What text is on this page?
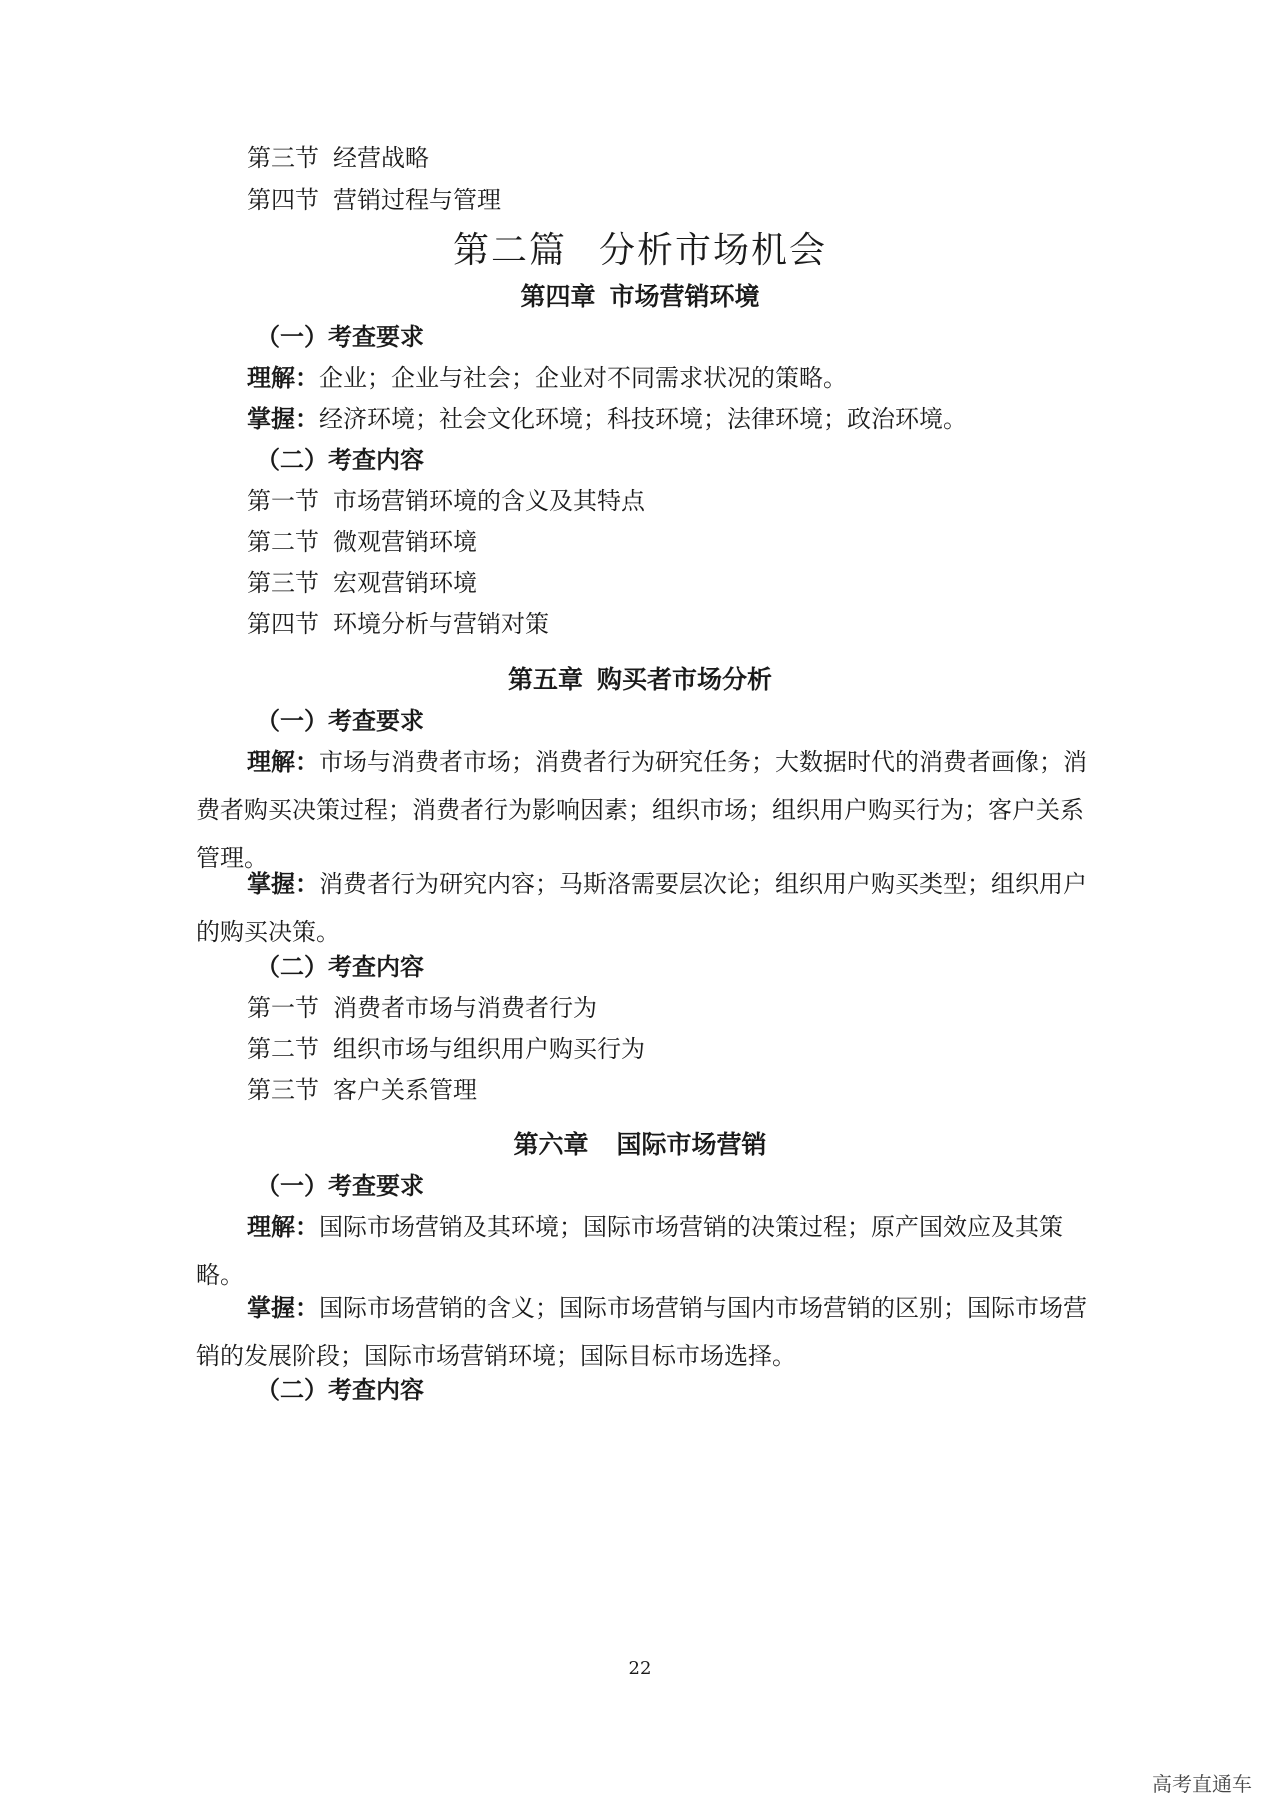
第三节 经营战略
第四节 营销过程与管理
第二篇 分析市场机会
第四章 市场营销环境
（一）考查要求
理解：企业；企业与社会；企业对不同需求状况的策略。
掌握：经济环境；社会文化环境；科技环境；法律环境；政治环境。
（二）考查内容
第一节 市场营销环境的含义及其特点
第二节 微观营销环境
第三节 宏观营销环境
第四节 环境分析与营销对策
第五章 购买者市场分析
（一）考查要求
理解：市场与消费者市场；消费者行为研究任务；大数据时代的消费者画像；消费者购买决策过程；消费者行为影响因素；组织市场；组织用户购买行为；客户关系管理。
掌握：消费者行为研究内容；马斯洛需要层次论；组织用户购买类型；组织用户的购买决策。
（二）考查内容
第一节 消费者市场与消费者行为
第二节 组织市场与组织用户购买行为
第三节 客户关系管理
第六章 国际市场营销
（一）考查要求
理解：国际市场营销及其环境；国际市场营销的决策过程；原产国效应及其策略。
掌握：国际市场营销的含义；国际市场营销与国内市场营销的区别；国际市场营销的发展阶段；国际市场营销环境；国际目标市场选择。
（二）考查内容
22
高考直通车
